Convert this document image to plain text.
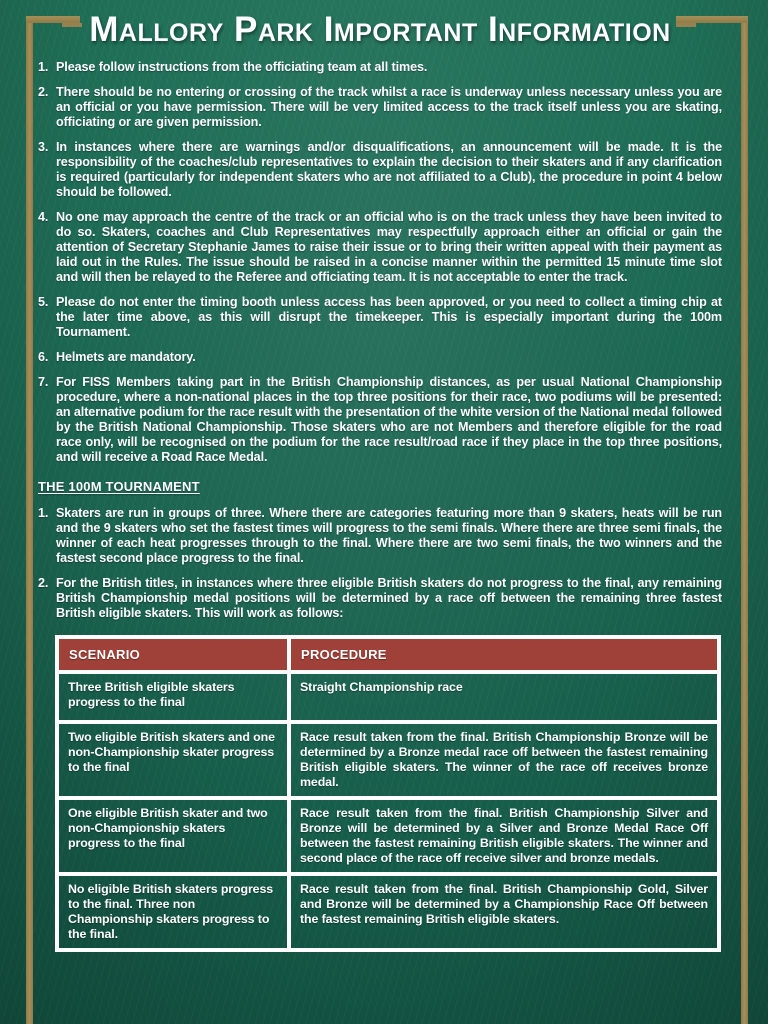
Mallory Park Important Information
1. Please follow instructions from the officiating team at all times.
2. There should be no entering or crossing of the track whilst a race is underway unless necessary unless you are an official or you have permission. There will be very limited access to the track itself unless you are skating, officiating or are given permission.
3. In instances where there are warnings and/or disqualifications, an announcement will be made. It is the responsibility of the coaches/club representatives to explain the decision to their skaters and if any clarification is required (particularly for independent skaters who are not affiliated to a Club), the procedure in point 4 below should be followed.
4. No one may approach the centre of the track or an official who is on the track unless they have been invited to do so. Skaters, coaches and Club Representatives may respectfully approach either an official or gain the attention of Secretary Stephanie James to raise their issue or to bring their written appeal with their payment as laid out in the Rules. The issue should be raised in a concise manner within the permitted 15 minute time slot and will then be relayed to the Referee and officiating team. It is not acceptable to enter the track.
5. Please do not enter the timing booth unless access has been approved, or you need to collect a timing chip at the later time above, as this will disrupt the timekeeper. This is especially important during the 100m Tournament.
6. Helmets are mandatory.
7. For FISS Members taking part in the British Championship distances, as per usual National Championship procedure, where a non-national places in the top three positions for their race, two podiums will be presented: an alternative podium for the race result with the presentation of the white version of the National medal followed by the British National Championship. Those skaters who are not Members and therefore eligible for the road race only, will be recognised on the podium for the race result/road race if they place in the top three positions, and will receive a Road Race Medal.
THE 100M TOURNAMENT
1. Skaters are run in groups of three. Where there are categories featuring more than 9 skaters, heats will be run and the 9 skaters who set the fastest times will progress to the semi finals. Where there are three semi finals, the winner of each heat progresses through to the final. Where there are two semi finals, the two winners and the fastest second place progress to the final.
2. For the British titles, in instances where three eligible British skaters do not progress to the final, any remaining British Championship medal positions will be determined by a race off between the remaining three fastest British eligible skaters. This will work as follows:
SCENARIO	PROCEDURE
Three British eligible skaters progress to the final	Straight Championship race
Two eligible British skaters and one non-Championship skater progress to the final	Race result taken from the final. British Championship Bronze will be determined by a Bronze medal race off between the fastest remaining British eligible skaters. The winner of the race off receives bronze medal.
One eligible British skater and two non-Championship skaters progress to the final	Race result taken from the final. British Championship Silver and Bronze will be determined by a Silver and Bronze Medal Race Off between the fastest remaining British eligible skaters. The winner and second place of the race off receive silver and bronze medals.
No eligible British skaters progress to the final. Three non Championship skaters progress to the final.	Race result taken from the final. British Championship Gold, Silver and Bronze will be determined by a Championship Race Off between the fastest remaining British eligible skaters.
